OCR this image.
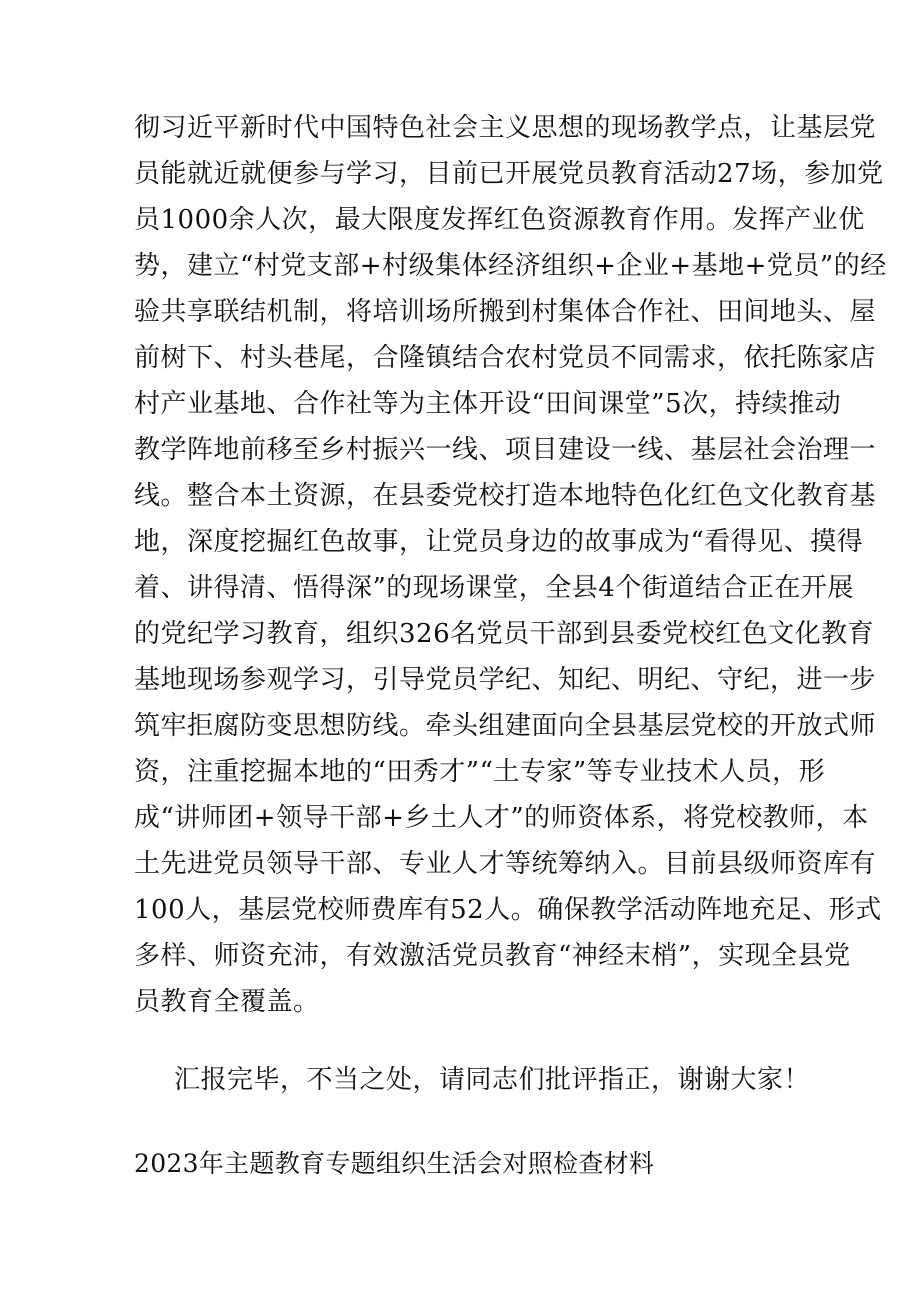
彻习近平新时代中国特色社会主义思想的现场教学点，让基层党
员能就近就便参与学习，目前已开展党员教育活动27场，参加党
员1000余人次，最大限度发挥红色资源教育作用。发挥产业优
势，建立“村党支部+村级集体经济组织+企业+基地+党员”的经
验共享联结机制，将培训场所搬到村集体合作社、田间地头、屋
前树下、村头巷尾，合隆镇结合农村党员不同需求，依托陈家店
村产业基地、合作社等为主体开设“田间课堂”5次，持续推动
教学阵地前移至乡村振兴一线、项目建设一线、基层社会治理一
线。整合本土资源，在县委党校打造本地特色化红色文化教育基
地，深度挖掘红色故事，让党员身边的故事成为“看得见、摸得
着、讲得清、悟得深”的现场课堂，全县4个街道结合正在开展
的党纪学习教育，组织326名党员干部到县委党校红色文化教育
基地现场参观学习，引导党员学纪、知纪、明纪、守纪，进一步
筑牢拒腐防变思想防线。牵头组建面向全县基层党校的开放式师
资，注重挖掘本地的“田秀才”“土专家”等专业技术人员，形
成“讲师团+领导干部+乡土人才”的师资体系，将党校教师，本
土先进党员领导干部、专业人才等统筹纳入。目前县级师资库有
100人，基层党校师费库有52人。确保教学活动阵地充足、形式
多样、师资充沛，有效激活党员教育“神经末梢”，实现全县党
员教育全覆盖。
汇报完毕，不当之处，请同志们批评指正，谢谢大家！
2023年主题教育专题组织生活会对照检查材料
